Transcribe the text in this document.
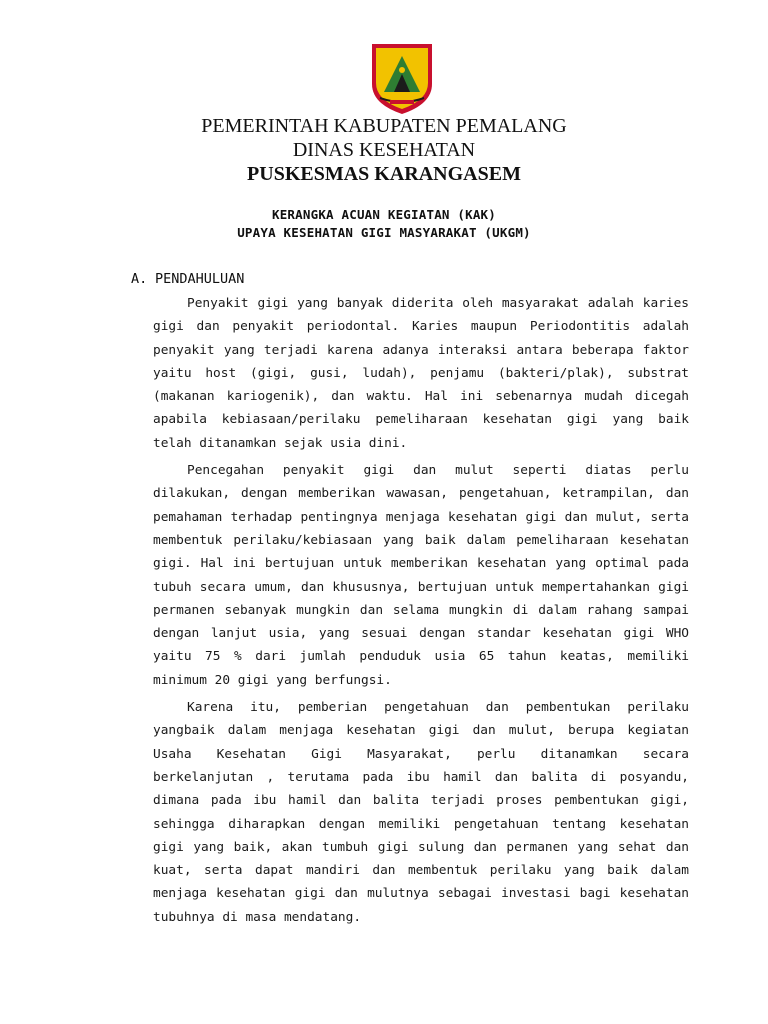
PEMERINTAH KABUPATEN PEMALANG
DINAS KESEHATAN
PUSKESMAS KARANGASEM
KERANGKA ACUAN KEGIATAN (KAK)
UPAYA KESEHATAN GIGI MASYARAKAT (UKGM)
A. PENDAHULUAN

Penyakit gigi yang banyak diderita oleh masyarakat adalah karies gigi dan penyakit periodontal. Karies maupun Periodontitis adalah penyakit yang terjadi karena adanya interaksi antara beberapa faktor yaitu host (gigi, gusi, ludah), penjamu (bakteri/plak), substrat (makanan kariogenik), dan waktu. Hal ini sebenarnya mudah dicegah apabila kebiasaan/perilaku pemeliharaan kesehatan gigi yang baik telah ditanamkan sejak usia dini.

Pencegahan penyakit gigi dan mulut seperti diatas perlu dilakukan, dengan memberikan wawasan, pengetahuan, ketrampilan, dan pemahaman terhadap pentingnya menjaga kesehatan gigi dan mulut, serta membentuk perilaku/kebiasaan yang baik dalam pemeliharaan kesehatan gigi. Hal ini bertujuan untuk memberikan kesehatan yang optimal pada tubuh secara umum, dan khususnya, bertujuan untuk mempertahankan gigi permanen sebanyak mungkin dan selama mungkin di dalam rahang sampai dengan lanjut usia, yang sesuai dengan standar kesehatan gigi WHO yaitu 75 % dari jumlah penduduk usia 65 tahun keatas, memiliki minimum 20 gigi yang berfungsi.

Karena itu, pemberian pengetahuan dan pembentukan perilaku yangbaik dalam menjaga kesehatan gigi dan mulut, berupa kegiatan Usaha Kesehatan Gigi Masyarakat, perlu ditanamkan secara berkelanjutan , terutama pada ibu hamil dan balita di posyandu, dimana pada ibu hamil dan balita terjadi proses pembentukan gigi, sehingga diharapkan dengan memiliki pengetahuan tentang kesehatan gigi yang baik, akan tumbuh gigi sulung dan permanen yang sehat dan kuat, serta dapat mandiri dan membentuk perilaku yang baik dalam menjaga kesehatan gigi dan mulutnya sebagai investasi bagi kesehatan tubuhnya di masa mendatang.
